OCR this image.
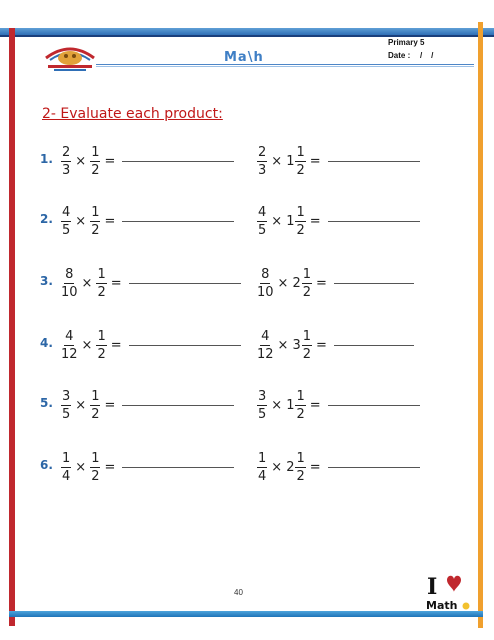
Ma\h
Primary 5
Date : /    /
2- Evaluate each product:
1. $\frac{2}{3} \times \frac{1}{2}$ =	$\frac{2}{3} \times 1 \frac{1}{2}$ =
2. $\frac{4}{5} \times \frac{1}{2}$ =	$\frac{4}{5} \times 1 \frac{1}{2}$ =
3. $\frac{8}{10} \times \frac{1}{2}$ =	$\frac{8}{10} \times 2 \frac{1}{2}$ =
4. $\frac{4}{12} \times \frac{1}{2}$ =	$\frac{4}{12} \times 3 \frac{1}{2}$ =
5. $\frac{3}{5} \times \frac{1}{2}$ =	$\frac{3}{5} \times 1 \frac{1}{2}$ =
6. $\frac{1}{4} \times \frac{1}{2}$ =	$\frac{1}{4} \times 2 \frac{1}{2}$ =
40	I
Math
